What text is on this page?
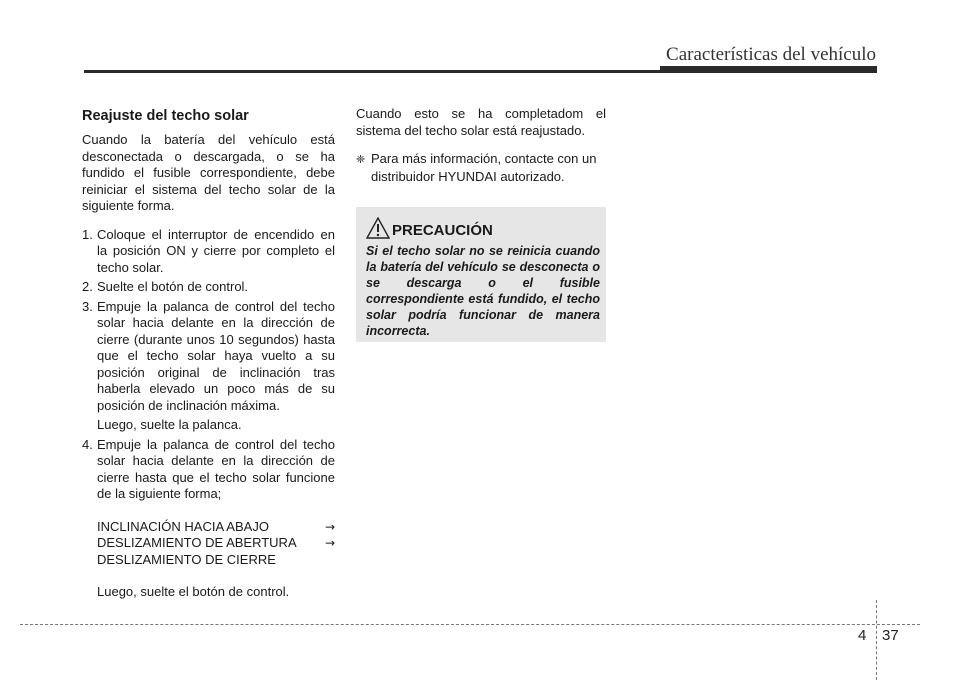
Características del vehículo
Reajuste del techo solar

Cuando la batería del vehículo está desconectada o descargada, o se ha fundido el fusible correspondiente, debe reiniciar el sistema del techo solar de la siguiente forma.

1. Coloque el interruptor de encendido en la posición ON y cierre por completo el techo solar.

2. Suelte el botón de control.

3. Empuje la palanca de control del techo solar hacia delante en la dirección de cierre (durante unos 10 segundos) hasta que el techo solar haya vuelto a su posición original de inclinación tras haberla elevado un poco más de su posición de inclinación máxima.

Luego, suelte la palanca.

4. Empuje la palanca de control del techo solar hacia delante en la dirección de cierre hasta que el techo solar funcione de la siguiente forma;

INCLINACIÓN HACIA ABAJO	→
DESLIZAMIENTO DE ABERTURA →
DESLIZAMIENTO DE CIERRE

Luego, suelte el botón de control.

Cuando esto se ha completadom el sistema del techo solar está reajustado.

❈ Para más información, contacte con un distribuidor HYUNDAI autorizado.

PRECAUCIÓN
Si el techo solar no se reinicia cuando la batería del vehículo se desconecta o se descarga o el fusible correspondiente está fundido, el techo solar podría funcionar de manera incorrecta.
4 37
